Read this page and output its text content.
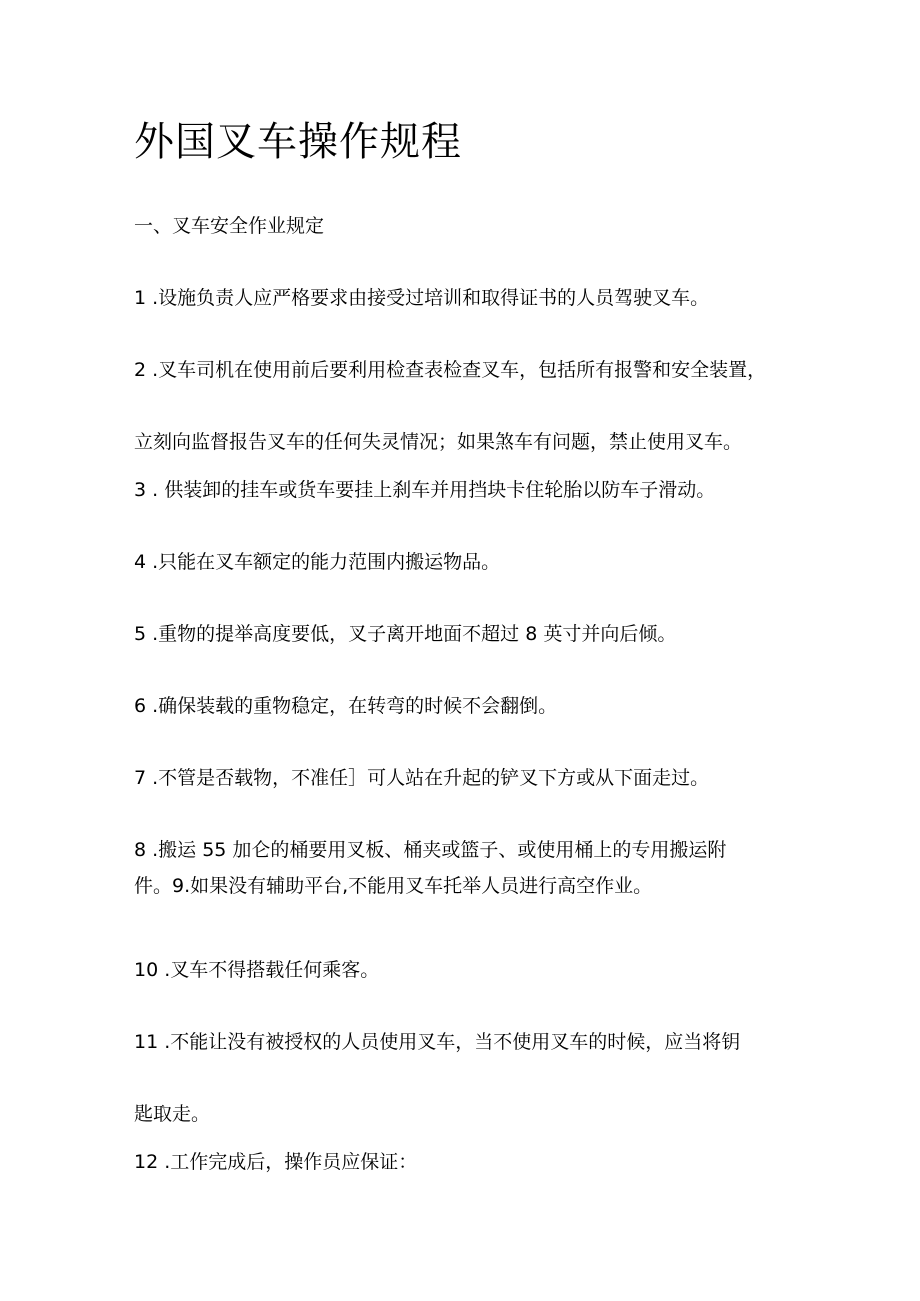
外国叉车操作规程
一、叉车安全作业规定

1 .设施负责人应严格要求由接受过培训和取得证书的人员驾驶叉车。

2 .叉车司机在使用前后要利用检查表检查叉车，包括所有报警和安全装置，
立刻向监督报告叉车的任何失灵情况；如果煞车有问题，禁止使用叉车。

3 . 供装卸的挂车或货车要挂上刹车并用挡块卡住轮胎以防车子滑动。

4 .只能在叉车额定的能力范围内搬运物品。

5 .重物的提举高度要低，叉子离开地面不超过 8 英寸并向后倾。

6 .确保装载的重物稳定，在转弯的时候不会翻倒。

7 .不管是否载物，不准任］可人站在升起的铲叉下方或从下面走过。

8 .搬运 55 加仑的桶要用叉板、桶夹或篮子、或使用桶上的专用搬运附
件。9.如果没有辅助平台,不能用叉车托举人员进行高空作业。

10 .叉车不得搭载任何乘客。

11 .不能让没有被授权的人员使用叉车，当不使用叉车的时候，应当将钥
匙取走。

12 .工作完成后，操作员应保证：
